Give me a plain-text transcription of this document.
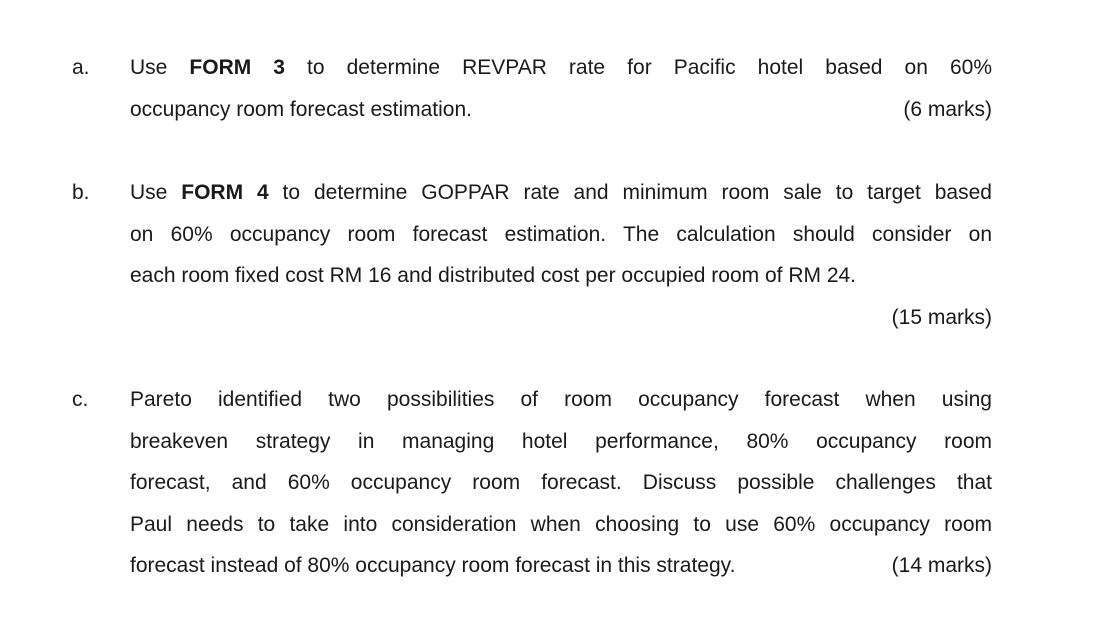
a. Use FORM 3 to determine REVPAR rate for Pacific hotel based on 60%
occupancy room forecast estimation.	(6 marks)
b. Use FORM 4 to determine GOPPAR rate and minimum room sale to target based
on 60% occupancy room forecast estimation. The calculation should consider on
each room fixed cost RM 16 and distributed cost per occupied room of RM 24.
(15 marks)
c. Pareto identified two possibilities of room occupancy forecast when using
breakeven strategy in managing hotel performance, 80% occupancy room
forecast, and 60% occupancy room forecast. Discuss possible challenges that
Paul needs to take into consideration when choosing to use 60% occupancy room
forecast instead of 80% occupancy room forecast in this strategy.	(14 marks)
